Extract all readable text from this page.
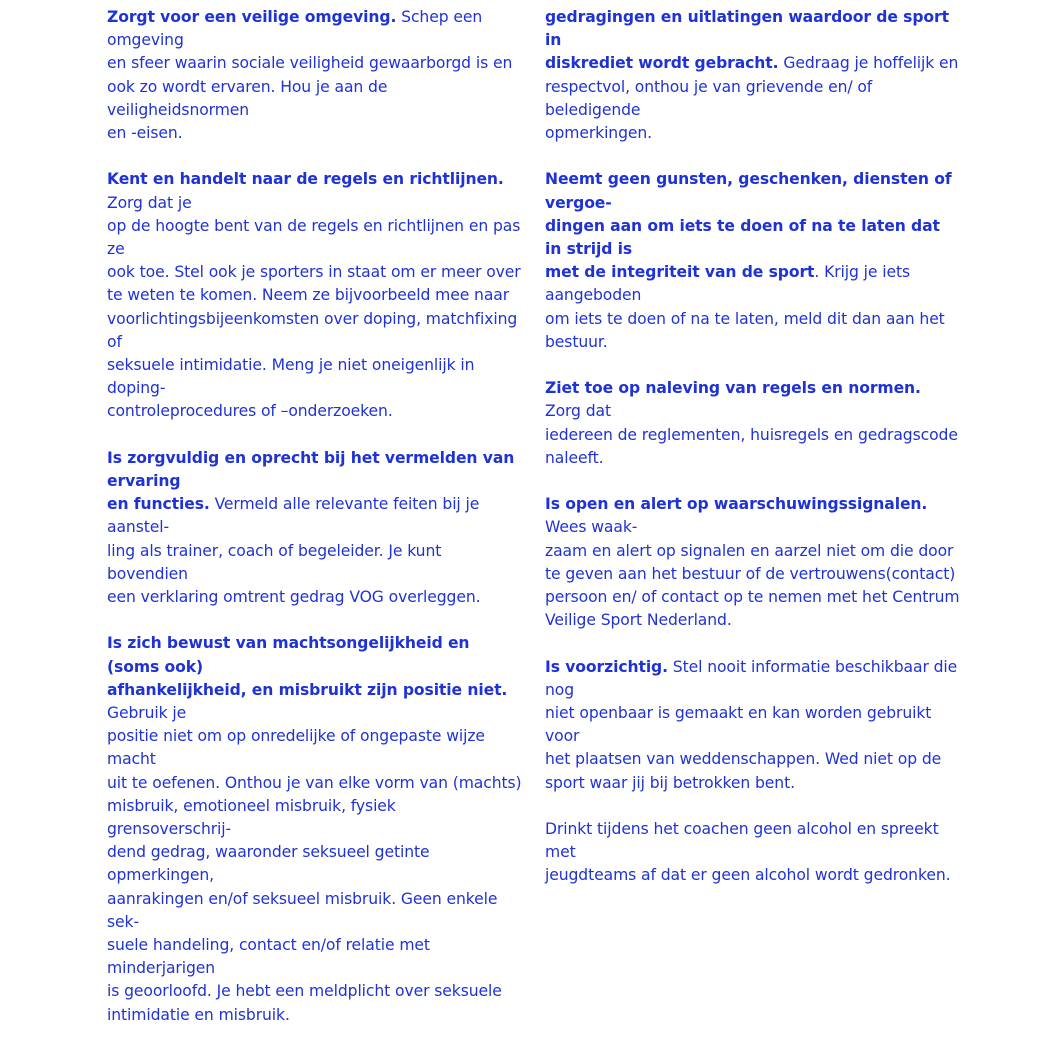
Zorgt voor een veilige omgeving. Schep een omgeving
en sfeer waarin sociale veiligheid gewaarborgd is en
ook zo wordt ervaren. Hou je aan de veiligheidsnormen
en -eisen.

Kent en handelt naar de regels en richtlijnen. Zorg dat je
op de hoogte bent van de regels en richtlijnen en pas ze
ook toe. Stel ook je sporters in staat om er meer over
te weten te komen. Neem ze bijvoorbeeld mee naar
voorlichtingsbijeenkomsten over doping, matchfixing of
seksuele intimidatie. Meng je niet oneigenlijk in doping-
controleprocedures of –onderzoeken.

Is zorgvuldig en oprecht bij het vermelden van ervaring
en functies. Vermeld alle relevante feiten bij je aanstel-
ling als trainer, coach of begeleider. Je kunt bovendien
een verklaring omtrent gedrag VOG overleggen.

Is zich bewust van machtsongelijkheid en (soms ook)
afhankelijkheid, en misbruikt zijn positie niet. Gebruik je
positie niet om op onredelijke of ongepaste wijze macht
uit te oefenen. Onthou je van elke vorm van (machts)
misbruik, emotioneel misbruik, fysiek grensoverschrij-
dend gedrag, waaronder seksueel getinte opmerkingen,
aanrakingen en/of seksueel misbruik. Geen enkele sek-
suele handeling, contact en/of relatie met minderjarigen
is geoorloofd. Je hebt een meldplicht over seksuele
intimidatie en misbruik.

gedragingen en uitlatingen waardoor de sport in
diskrediet wordt gebracht. Gedraag je hoffelijk en
respectvol, onthou je van grievende en/ of beledigende
opmerkingen.

Neemt geen gunsten, geschenken, diensten of vergoe-
dingen aan om iets te doen of na te laten dat in strijd is
met de integriteit van de sport. Krijg je iets aangeboden
om iets te doen of na te laten, meld dit dan aan het
bestuur.

Ziet toe op naleving van regels en normen. Zorg dat
iedereen de reglementen, huisregels en gedragscode
naleeft.

Is open en alert op waarschuwingssignalen. Wees waak-
zaam en alert op signalen en aarzel niet om die door
te geven aan het bestuur of de vertrouwens(contact)
persoon en/ of contact op te nemen met het Centrum
Veilige Sport Nederland.

Is voorzichtig. Stel nooit informatie beschikbaar die nog
niet openbaar is gemaakt en kan worden gebruikt voor
het plaatsen van weddenschappen. Wed niet op de
sport waar jij bij betrokken bent.

Drinkt tijdens het coachen geen alcohol en spreekt met
jeugdteams af dat er geen alcohol wordt gedronken.
